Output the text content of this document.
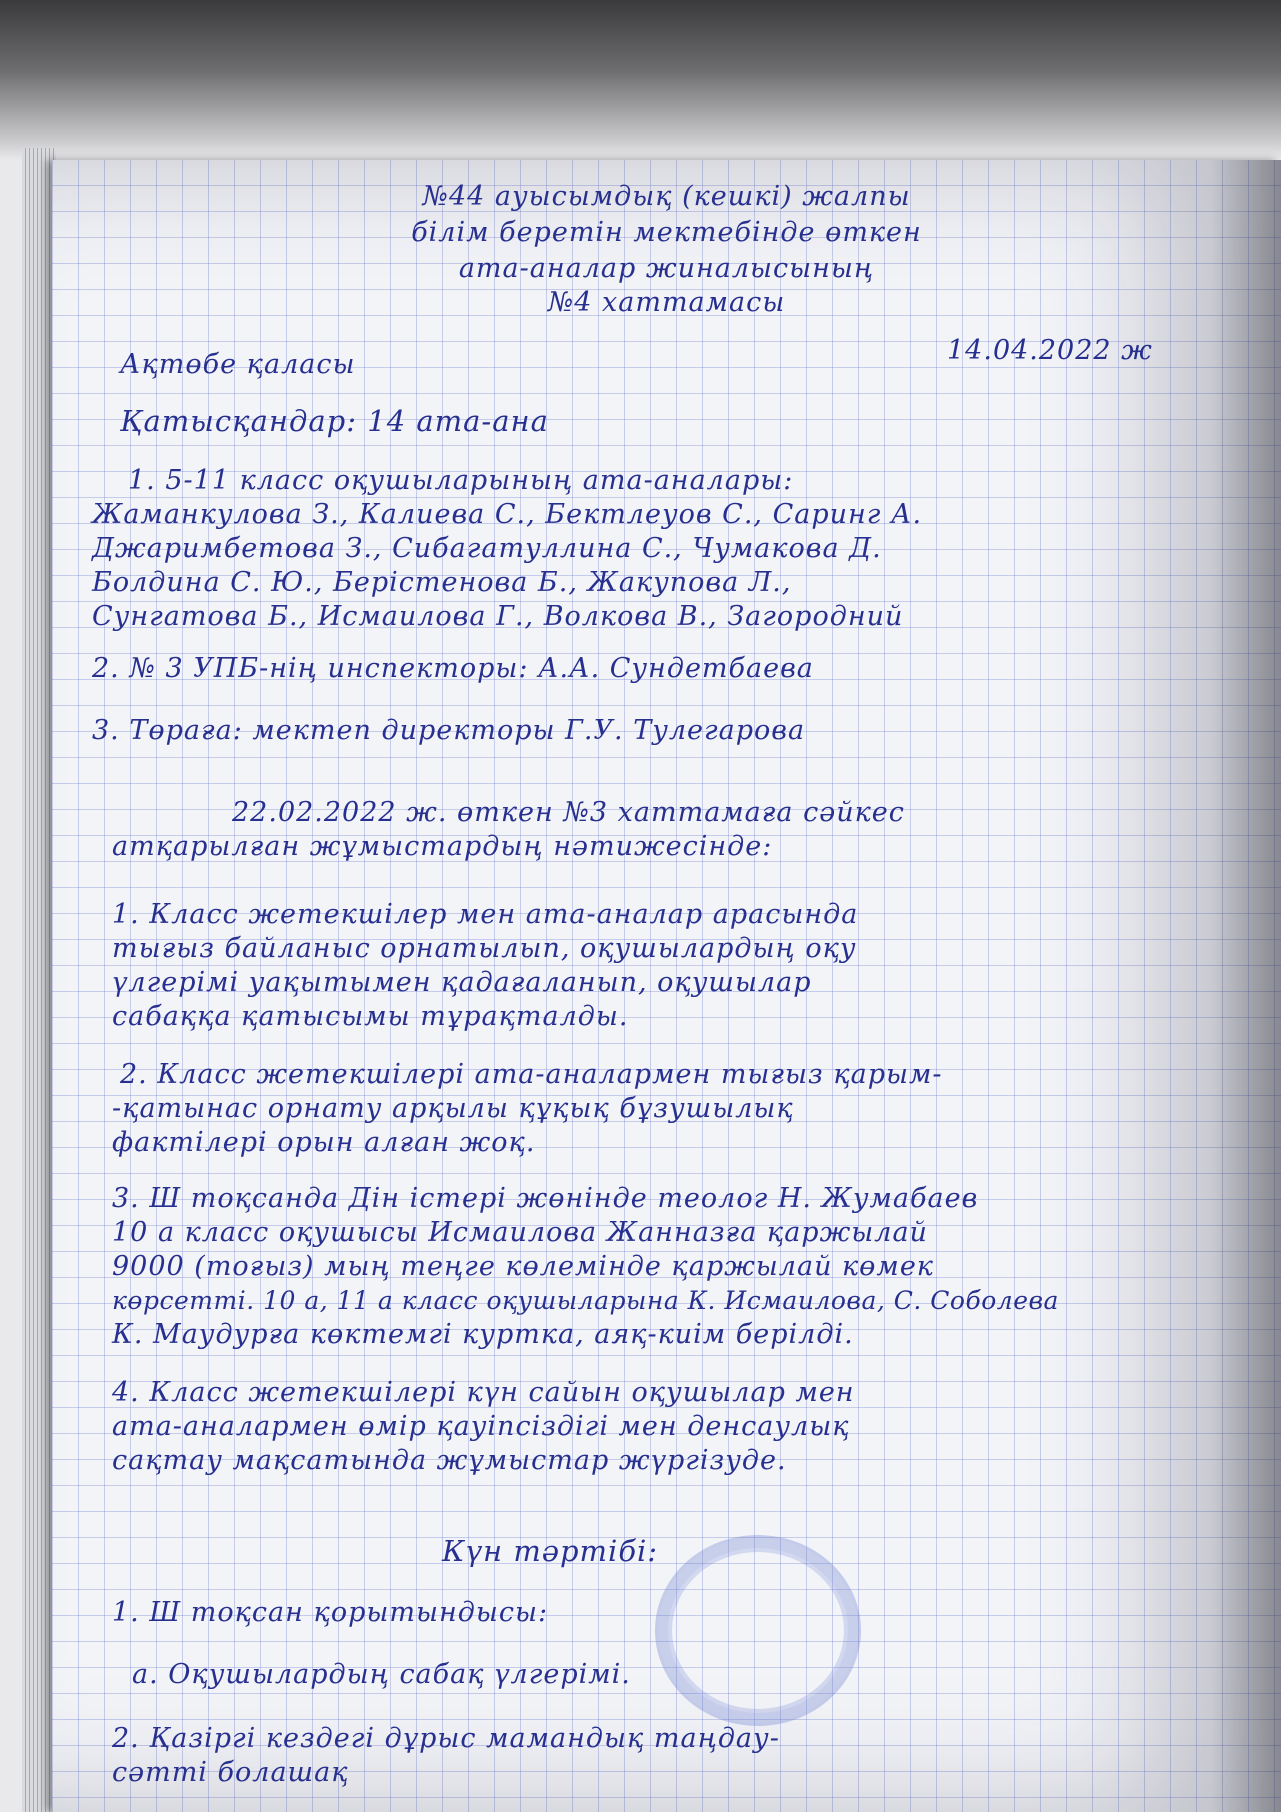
№44 ауысымдық (кешкі) жалпы

білім беретін мектебінде өткен

ата-аналар жиналысының

№4 хаттамасы

Ақтөбе қаласы	14.04.2022 ж

Қатысқандар: 14 ата-ана

1. 5-11 класс оқушыларының ата-аналары:

Жаманкулова З., Калиева С., Бектлеуов С., Саринг А.

Джаримбетова З., Сибагатуллина С., Чумакова Д.

Болдина С. Ю., Берістенова Б., Жакупова Л.,

Сунгатова Б., Исмаилова Г., Волкова В., Загородний

2. № 3 УПБ-нің инспекторы: А.А. Сундетбаева

3. Төраға: мектеп директоры Г.У. Тулегарова

22.02.2022 ж. өткен №3 хаттамаға сәйкес

атқарылған жұмыстардың нәтижесінде:

1. Класс жетекшілер мен ата-аналар арасында

тығыз байланыс орнатылып, оқушылардың оқу

үлгерімі уақытымен қадағаланып, оқушылар

сабаққа қатысымы тұрақталды.

2. Класс жетекшілері ата-аналармен тығыз қарым-

-қатынас орнату арқылы құқық бұзушылық

фактілері орын алған жоқ.

3. Ш тоқсанда Дін істері жөнінде теолог Н. Жумабаев

10 а класс оқушысы Исмаилова Жанназға қаржылай

9000 (тоғыз) мың теңге көлемінде қаржылай көмек

көрсетті. 10 а, 11 а класс оқушыларына К. Исмаилова, С. Соболева

К. Маудурға көктемгі куртка, аяқ-киім берілді.

4. Класс жетекшілері күн сайын оқушылар мен

ата-аналармен өмір қауіпсіздігі мен денсаулық

сақтау мақсатында жұмыстар жүргізуде.

Күн тәртібі:

1. Ш тоқсан қорытындысы:

а. Оқушылардың сабақ үлгерімі.

2. Қазіргі кездегі дұрыс мамандық таңдау-

сәтті болашақ
